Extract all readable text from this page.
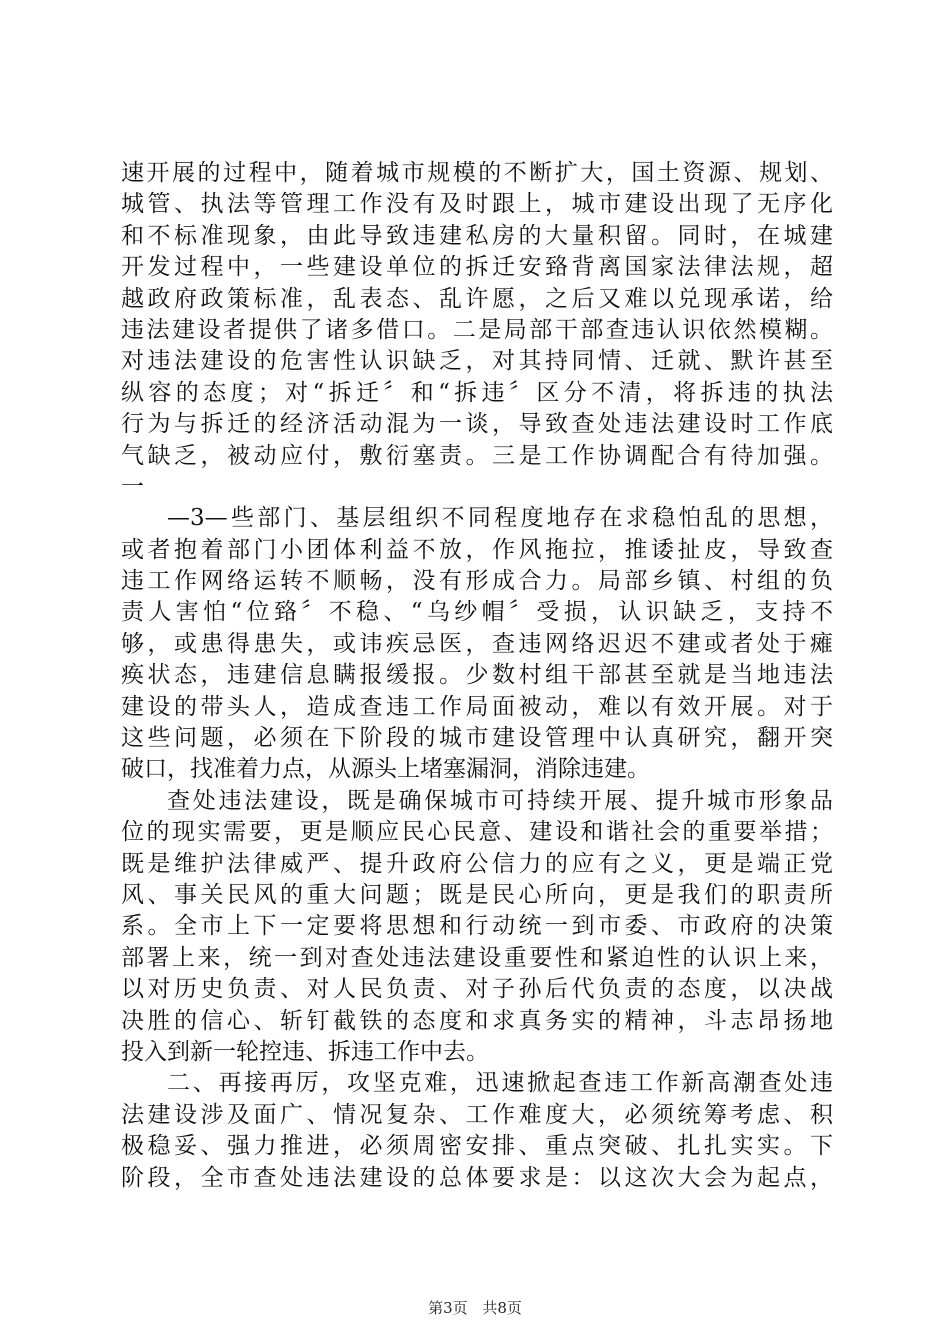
速开展的过程中，随着城市规模的不断扩大，国土资源、规划、
城管、执法等管理工作没有及时跟上，城市建设出现了无序化
和不标准现象，由此导致违建私房的大量积留。同时，在城建
开发过程中，一些建设单位的拆迁安臵背离国家法律法规，超
越政府政策标准，乱表态、乱许愿，之后又难以兑现承诺，给
违法建设者提供了诸多借口。二是局部干部查违认识依然模糊。
对违法建设的危害性认识缺乏，对其持同情、迁就、默许甚至
纵容的态度；对“拆迁〞和“拆违〞区分不清，将拆违的执法
行为与拆迁的经济活动混为一谈，导致查处违法建设时工作底
气缺乏，被动应付，敷衍塞责。三是工作协调配合有待加强。
一
—3—些部门、基层组织不同程度地存在求稳怕乱的思想，
或者抱着部门小团体利益不放，作风拖拉，推诿扯皮，导致查
违工作网络运转不顺畅，没有形成合力。局部乡镇、村组的负
责人害怕“位臵〞不稳、“乌纱帽〞受损，认识缺乏，支持不
够，或患得患失，或讳疾忌医，查违网络迟迟不建或者处于瘫
痪状态，违建信息瞒报缓报。少数村组干部甚至就是当地违法
建设的带头人，造成查违工作局面被动，难以有效开展。对于
这些问题，必须在下阶段的城市建设管理中认真研究，翻开突
破口，找准着力点，从源头上堵塞漏洞，消除违建。
查处违法建设，既是确保城市可持续开展、提升城市形象品
位的现实需要，更是顺应民心民意、建设和谐社会的重要举措；
既是维护法律威严、提升政府公信力的应有之义，更是端正党
风、事关民风的重大问题；既是民心所向，更是我们的职责所
系。全市上下一定要将思想和行动统一到市委、市政府的决策
部署上来，统一到对查处违法建设重要性和紧迫性的认识上来，
以对历史负责、对人民负责、对子孙后代负责的态度，以决战
决胜的信心、斩钉截铁的态度和求真务实的精神，斗志昂扬地
投入到新一轮控违、拆违工作中去。
二、再接再厉，攻坚克难，迅速掀起查违工作新高潮查处违
法建设涉及面广、情况复杂、工作难度大，必须统筹考虑、积
极稳妥、强力推进，必须周密安排、重点突破、扎扎实实。下
阶段，全市查处违法建设的总体要求是：以这次大会为起点，
第3页 共8页
